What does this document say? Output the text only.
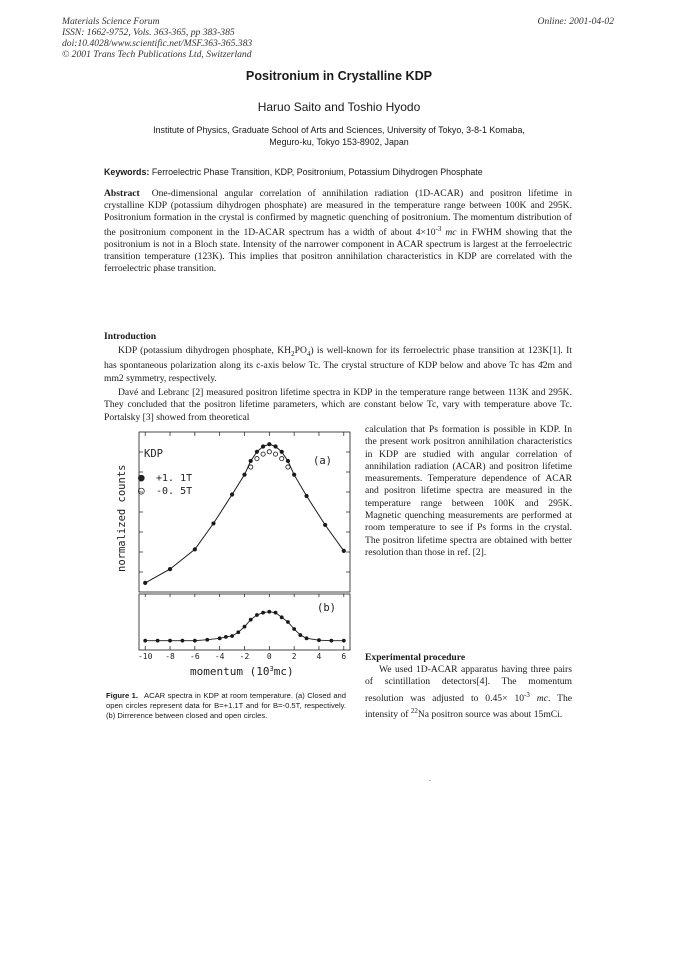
Materials Science Forum
ISSN: 1662-9752, Vols. 363-365, pp 383-385
doi:10.4028/www.scientific.net/MSF.363-365.383
© 2001 Trans Tech Publications Ltd, Switzerland
Online: 2001-04-02
Positronium in Crystalline KDP
Haruo Saito and Toshio Hyodo
Institute of Physics, Graduate School of Arts and Sciences, University of Tokyo, 3-8-1 Komaba,
Meguro-ku, Tokyo 153-8902, Japan
Keywords: Ferroelectric Phase Transition, KDP, Positronium, Potassium Dihydrogen Phosphate
Abstract One-dimensional angular correlation of annihilation radiation (1D-ACAR) and positron lifetime in crystalline KDP (potassium dihydrogen phosphate) are measured in the temperature range between 100K and 295K. Positronium formation in the crystal is confirmed by magnetic quenching of positronium. The momentum distribution of the positronium component in the 1D-ACAR spectrum has a width of about $4\times 10^{-3}$ mc in FWHM showing that the positronium is not in a Bloch state. Intensity of the narrower component in ACAR spectrum is largest at the ferroelectric transition temperature (123K). This implies that positron annihilation characteristics in KDP are correlated with the ferroelectric phase transition.
Introduction
KDP (potassium dihydrogen phosphate, $KH_2PO_4$) is well-known for its ferroelectric phase transition at 123K[1]. It has spontaneous polarization along its c-axis below Tc. The crystal structure of KDP below and above Tc has 4̄2m and mm2 symmetry, respectively.
Davé and Lebranc [2] measured positron lifetime spectra in KDP in the temperature range between 113K and 295K. They concluded that the positron lifetime parameters, which are constant below Tc, vary with temperature above Tc. Portalsky [3] showed from theoretical
calculation that Ps formation is possible in KDP. In the present work positron annihilation characteristics in KDP are studied with angular correlation of annihilation radiation (ACAR) and positron lifetime measurements. Temperature dependence of ACAR and positron lifetime spectra are measured in the temperature range between 100K and 295K. Magnetic quenching measurements are performed at room temperature to see if Ps forms in the crystal. The positron lifetime spectra are obtained with better resolution than those in ref. [2].
Experimental procedure
We used 1D-ACAR apparatus having three pairs of scintillation detectors[4]. The momentum resolution was adjusted to $0.45\times 10^{-3}$ mc. The intensity of $^{22}$Na positron source was about 15mCi.
-10 -8 -6 -4 -2 0 2 4 6
KDP
(a)
(b)
● +1. 1T
○ -0. 5T
normalized counts
momentum $(10^3mc)$
Figure 1. ACAR spectra in KDP at room temperature. (a) Closed and open circles represent data for B=+1.1T and for B=-0.5T, respectively. (b) Dirrerence between closed and open circles.
